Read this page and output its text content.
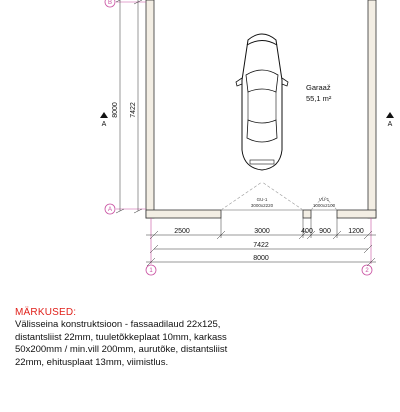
Garaaž
55,1 m²
GU-1
3000x2220
VU-1
1000x2100
B
A
1	2
8000 7422
A	A
2500	3000	400 900 1200
7422
8000
MÄRKUSED:
Välisseina konstruktsioon - fassaadilaud 22x125,
distantsliist 22mm, tuuletõkkeplaat 10mm, karkass
50x200mm / min.vill 200mm, aurutõke, distantsliist
22mm, ehitusplaat 13mm, viimistlus.
